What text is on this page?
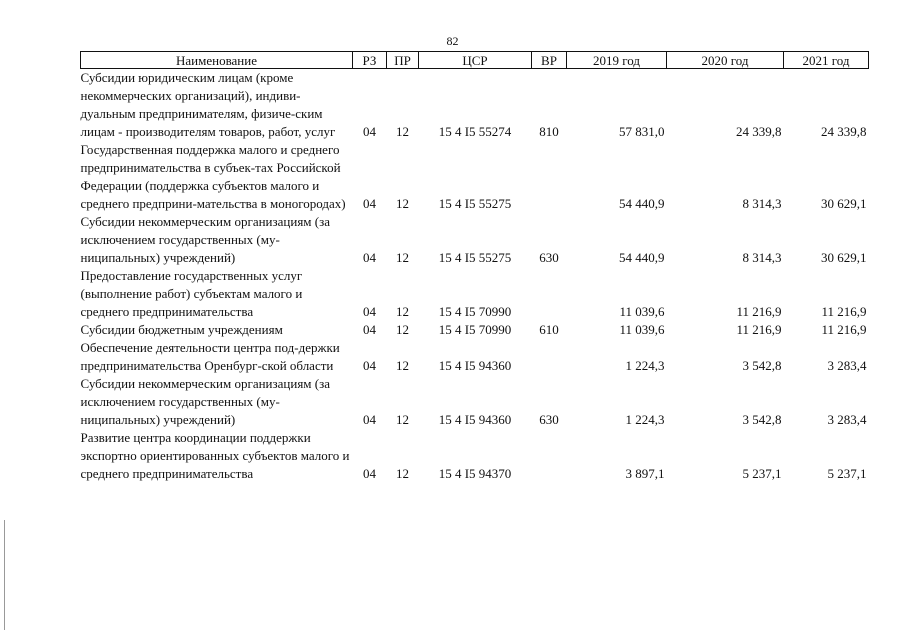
82
Наименование	РЗ	ПР	ЦСР	ВР	2019 год	2020 год	2021 год
Субсидии юридическим лицам (кроме некоммерческих организаций), индиви-дуальным предпринимателям, физиче-ским лицам - производителям товаров, работ, услуг	04	12	15 4 I5 55274	810	57 831,0	24 339,8	24 339,8
Государственная поддержка малого и среднего предпринимательства в субъек-тах Российской Федерации (поддержка субъектов малого и среднего предприни-мательства в моногородах)	04	12	15 4 I5 55275		54 440,9	8 314,3	30 629,1
Субсидии некоммерческим организациям (за исключением государственных (му-ниципальных) учреждений)	04	12	15 4 I5 55275	630	54 440,9	8 314,3	30 629,1
Предоставление государственных услуг (выполнение работ) субъектам малого и среднего предпринимательства	04	12	15 4 I5 70990		11 039,6	11 216,9	11 216,9
Субсидии бюджетным учреждениям	04	12	15 4 I5 70990	610	11 039,6	11 216,9	11 216,9
Обеспечение деятельности центра под-держки предпринимательства Оренбург-ской области	04	12	15 4 I5 94360		1 224,3	3 542,8	3 283,4
Субсидии некоммерческим организациям (за исключением государственных (му-ниципальных) учреждений)	04	12	15 4 I5 94360	630	1 224,3	3 542,8	3 283,4
Развитие центра координации поддержки экспортно ориентированных субъектов малого и среднего предпринимательства	04	12	15 4 I5 94370		3 897,1	5 237,1	5 237,1
